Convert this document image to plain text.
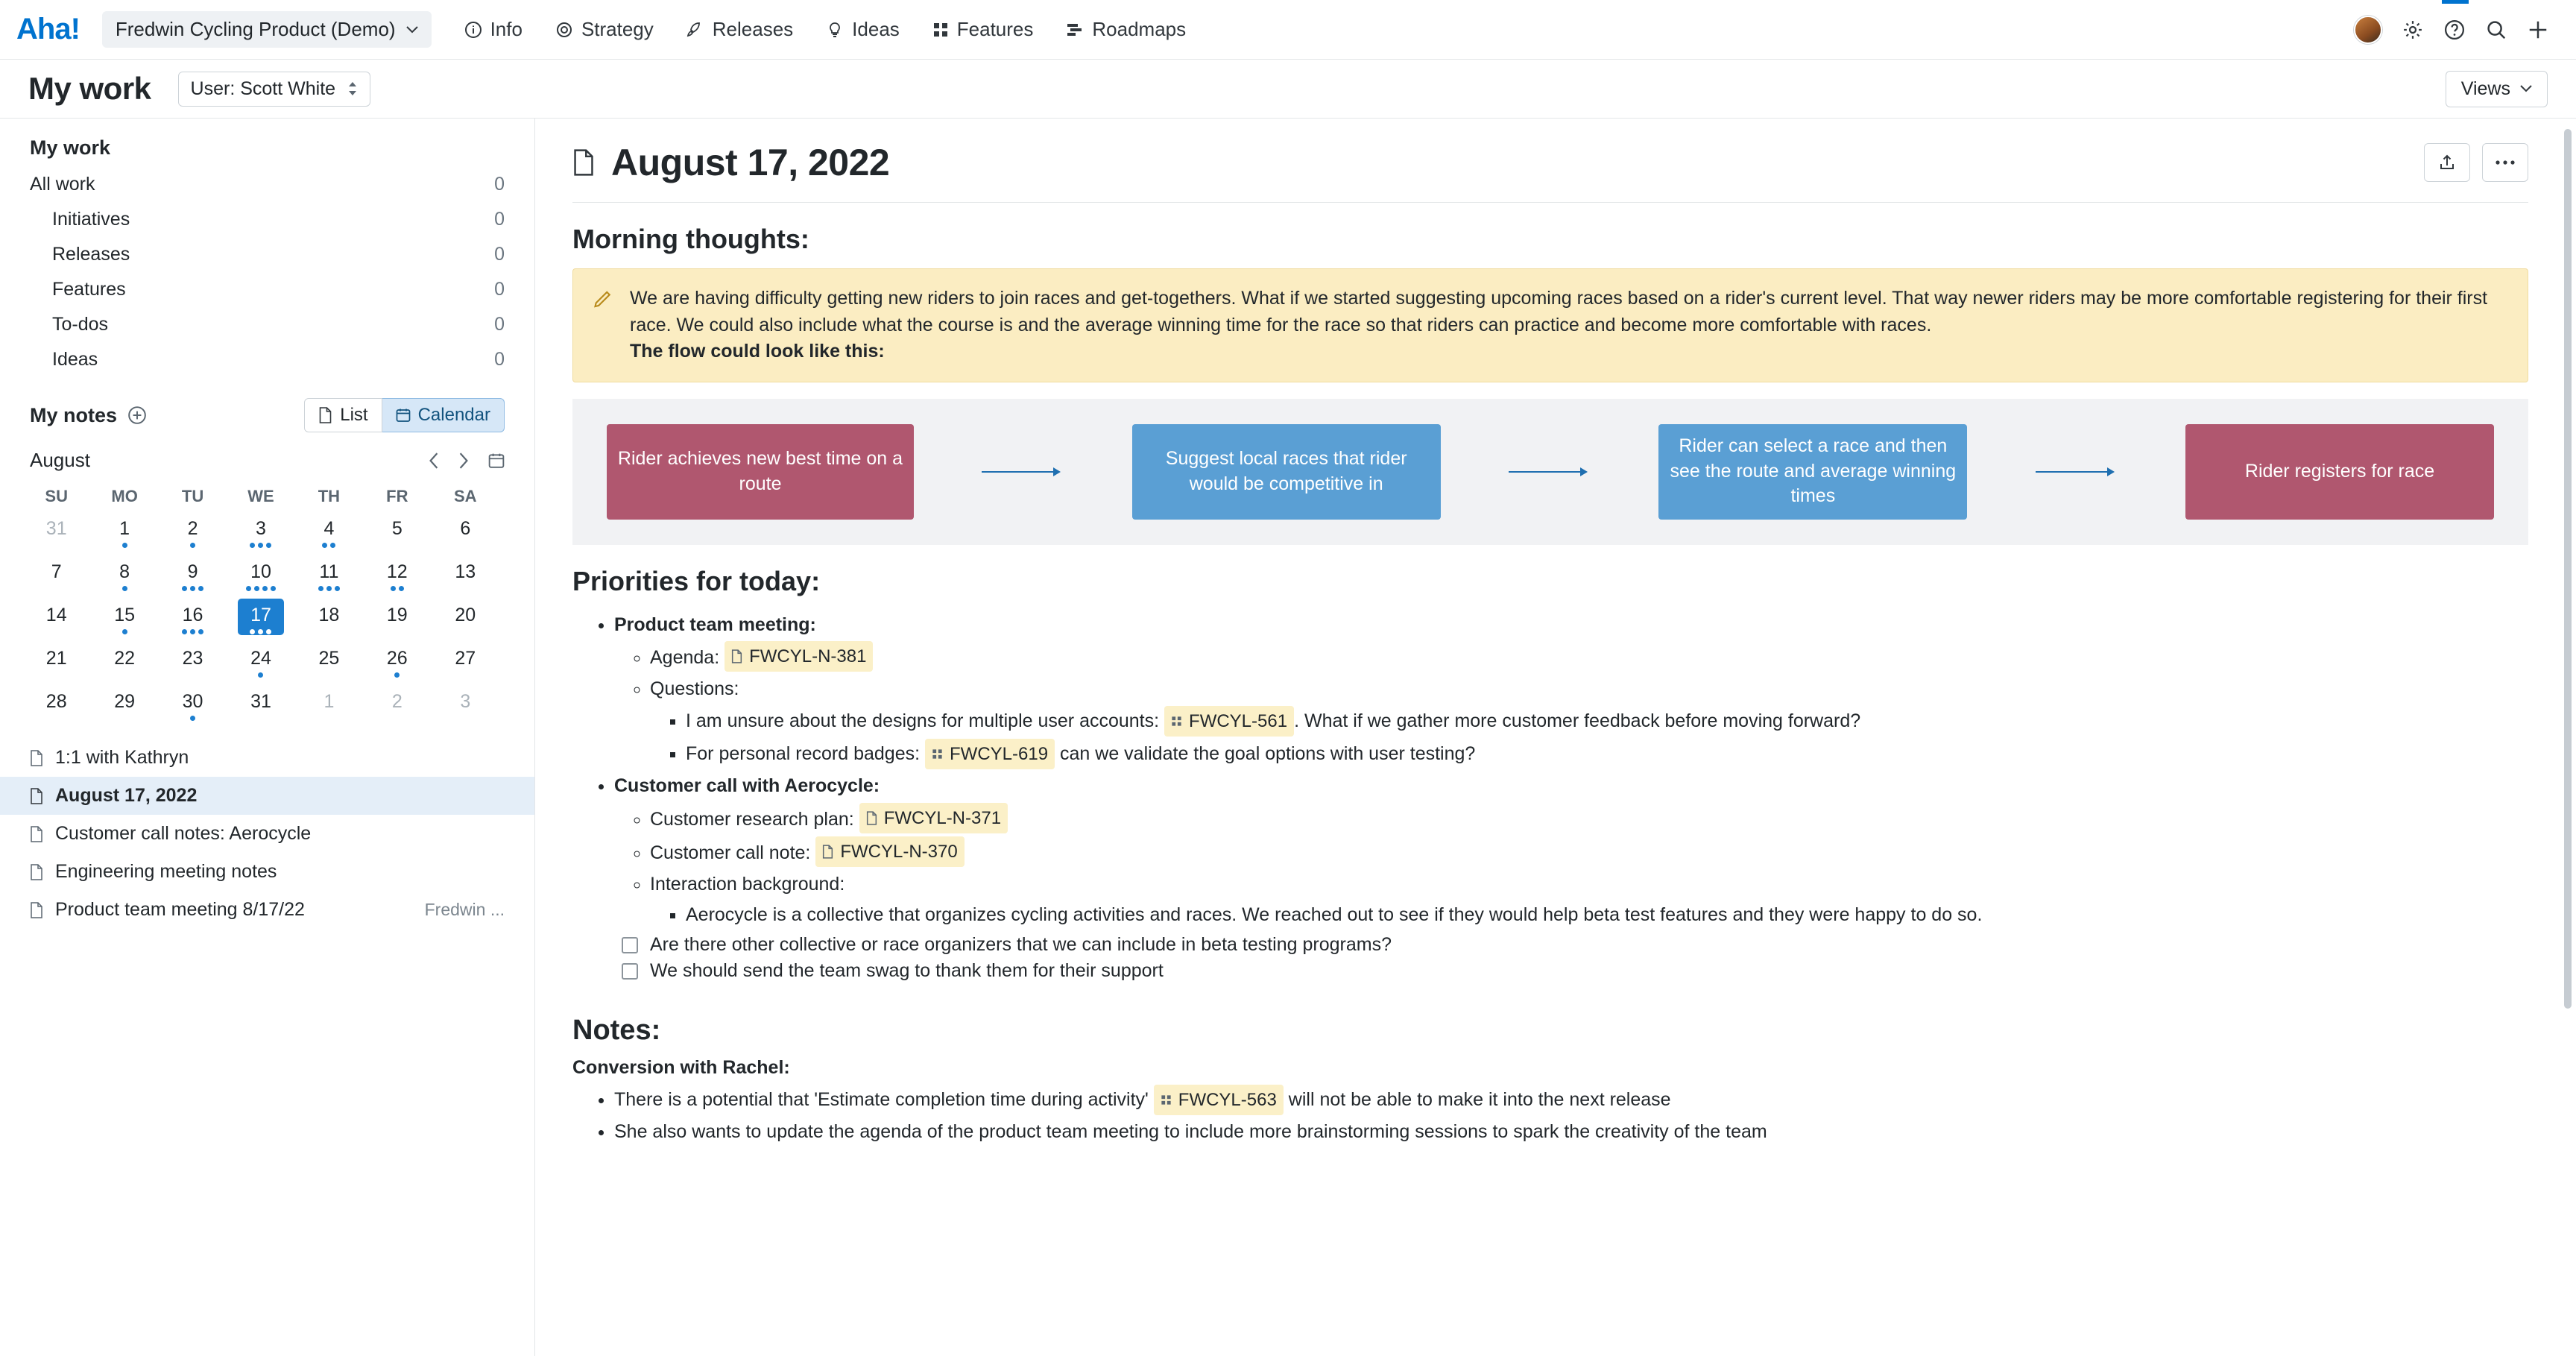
Aha! Fredwin Cycling Product (Demo)	Info	Strategy	Releases	Ideas	Features	Roadmaps
My work User: Scott White	Views
My work
All work	0
Initiatives	0
Releases	0
Features	0
To-dos	0
Ideas	0
My notes	List	Calendar
August
SU	MO	TU	WE	TH	FR	SA

31	1	2	3	4	5	6

7	8	9	10	11	12	13

14	15	16	17	18	19	20

21	22	23	24	25	26	27

28	29	30	31	1	2	3
1:1 with Kathryn
August 17, 2022
Customer call notes: Aerocycle
Engineering meeting notes
Product team meeting 8/17/22	Fredwin ...
August 17, 2022
Morning thoughts:
We are having difficulty getting new riders to join races and get-togethers. What if we started suggesting upcoming races based on a rider's current level. That way newer riders may be more comfortable registering for their first race. We could also include what the course is and the average winning time for the race so that riders can practice and become more comfortable with races.
The flow could look like this:
Rider achieves new best time on a route
Suggest local races that rider would be competitive in
Rider can select a race and then see the route and average winning times
Rider registers for race
Priorities for today:
• Product team meeting:
◦ Agenda: FWCYL-N-381
◦ Questions:
▪ I am unsure about the designs for multiple user accounts: FWCYL-561 . What if we gather more customer feedback before moving forward?
▪ For personal record badges: FWCYL-619 can we validate the goal options with user testing?
• Customer call with Aerocycle:
◦ Customer research plan: FWCYL-N-371
◦ Customer call note: FWCYL-N-370
◦ Interaction background:
▪ Aerocycle is a collective that organizes cycling activities and races. We reached out to see if they would help beta test features and they were happy to do so.
Are there other collective or race organizers that we can include in beta testing programs?
We should send the team swag to thank them for their support
Notes:
Conversion with Rachel:
• There is a potential that 'Estimate completion time during activity' FWCYL-563 will not be able to make it into the next release
• She also wants to update the agenda of the product team meeting to include more brainstorming sessions to spark the creativity of the team
